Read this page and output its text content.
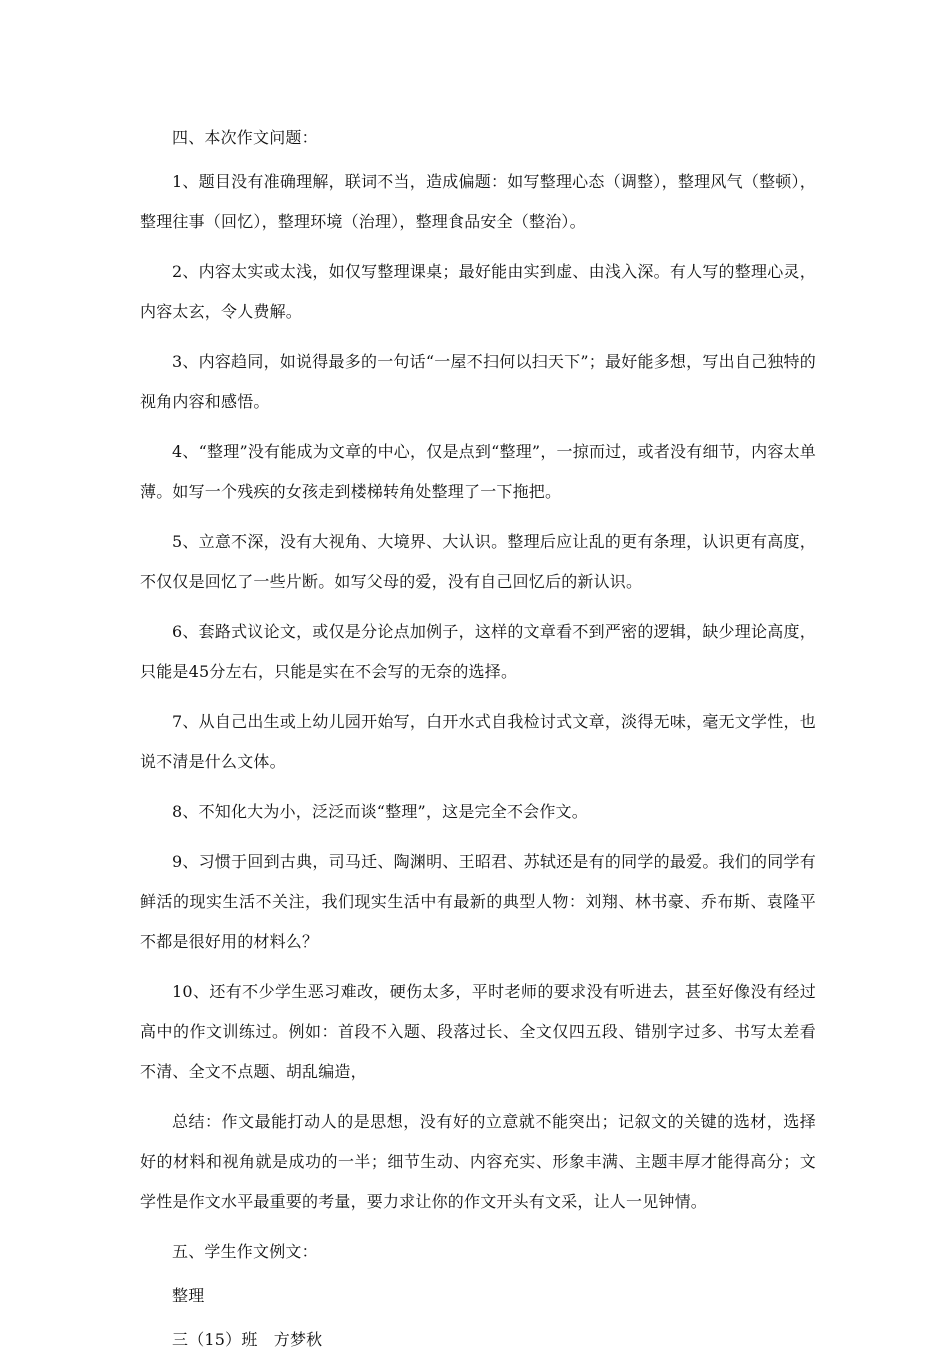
四、本次作文问题：

1、题目没有准确理解，联词不当，造成偏题：如写整理心态（调整），整理风气（整顿），整理往事（回忆），整理环境（治理），整理食品安全（整治）。

2、内容太实或太浅，如仅写整理课桌；最好能由实到虚、由浅入深。有人写的整理心灵，内容太玄，令人费解。

3、内容趋同，如说得最多的一句话“一屋不扫何以扫天下”；最好能多想，写出自己独特的视角内容和感悟。

4、“整理”没有能成为文章的中心，仅是点到“整理”，一掠而过，或者没有细节，内容太单薄。如写一个残疾的女孩走到楼梯转角处整理了一下拖把。

5、立意不深，没有大视角、大境界、大认识。整理后应让乱的更有条理，认识更有高度，不仅仅是回忆了一些片断。如写父母的爱，没有自己回忆后的新认识。

6、套路式议论文，或仅是分论点加例子，这样的文章看不到严密的逻辑，缺少理论高度，只能是45分左右，只能是实在不会写的无奈的选择。

7、从自己出生或上幼儿园开始写，白开水式自我检讨式文章，淡得无味，毫无文学性，也说不清是什么文体。

8、不知化大为小，泛泛而谈“整理”，这是完全不会作文。

9、习惯于回到古典，司马迁、陶渊明、王昭君、苏轼还是有的同学的最爱。我们的同学有鲜活的现实生活不关注，我们现实生活中有最新的典型人物：刘翔、林书豪、乔布斯、袁隆平不都是很好用的材料么？

10、还有不少学生恶习难改，硬伤太多，平时老师的要求没有听进去，甚至好像没有经过高中的作文训练过。例如：首段不入题、段落过长、全文仅四五段、错别字过多、书写太差看不清、全文不点题、胡乱编造，

总结：作文最能打动人的是思想，没有好的立意就不能突出；记叙文的关键的选材，选择好的材料和视角就是成功的一半；细节生动、内容充实、形象丰满、主题丰厚才能得高分；文学性是作文水平最重要的考量，要力求让你的作文开头有文采，让人一见钟情。

五、学生作文例文：

整理

三（15）班　方梦秋
